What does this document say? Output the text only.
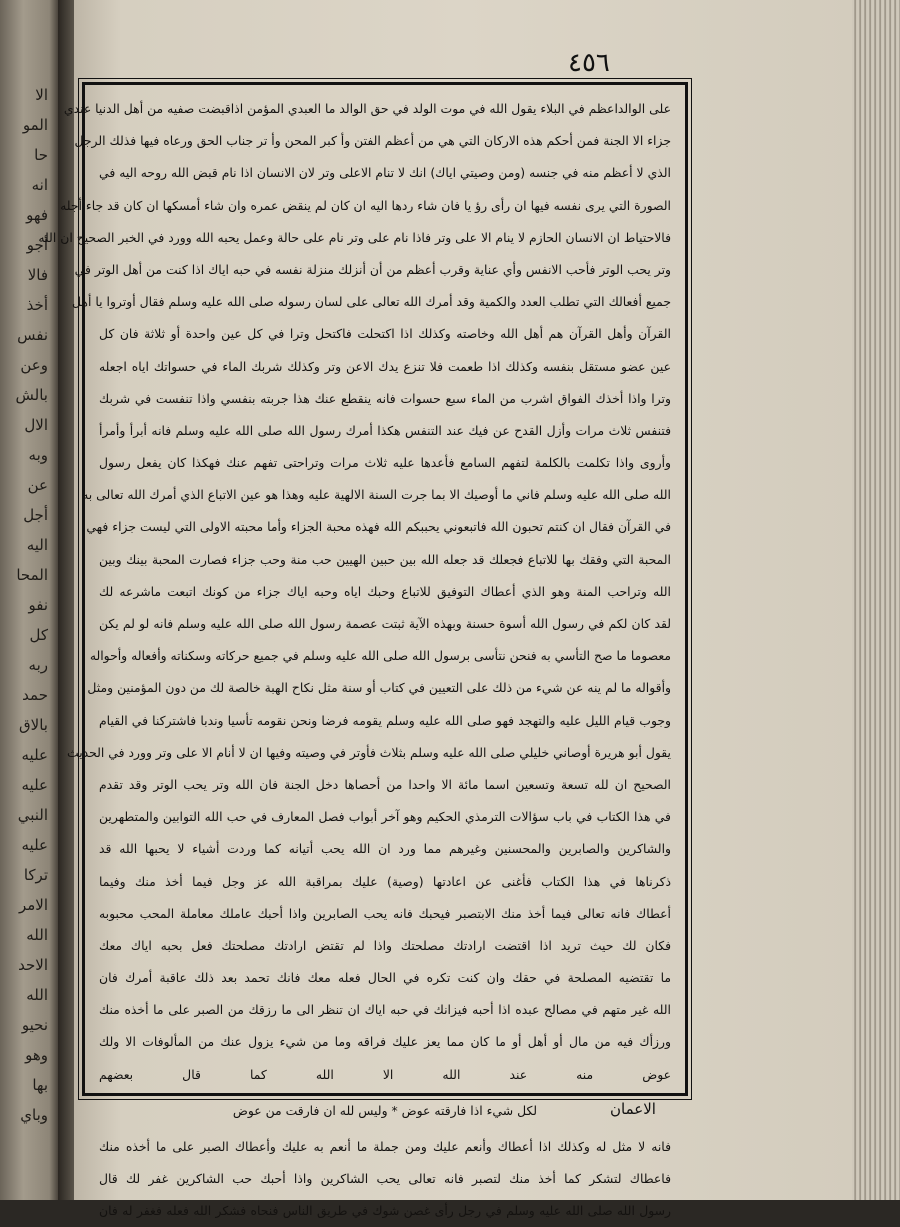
الا
المو
حا
انه
فهو
أجو
فالا
أخذ
نفس
وعن
بالش
الال
وبه
عن
أجل
اليه
المحا
نفو
كل
ربه
حمد
بالاق
عليه
عليه
النبي
عليه
تركا
الامر
الله
الاحد
الله
نحيو
وهو
بها
وباي
٤٥٦
على الوالداعظم في البلاء يقول الله في موت الولد في حق الوالد ما العبدي المؤمن اذاقبضت صفيه من أهل الدنيا عندي
جزاء الا الجنة فمن أحكم هذه الاركان التي هي من أعظم الفتن وأ كبر المحن وأ تر جناب الحق ورعاه فيها فذلك الرجل
الذي لا أعظم منه في جنسه (ومن وصيتي اياك) انك لا تنام الاعلى وتر لان الانسان اذا نام قبض الله روحه اليه في
الصورة التي يرى نفسه فيها ان رأى رؤ يا فان شاء ردها اليه ان كان لم ينقض عمره وان شاء أمسكها ان كان قد جاء أجله
فالاحتياط ان الانسان الحازم لا ينام الا على وتر فاذا نام على وتر نام على حالة وعمل يحبه الله وورد في الخبر الصحيح ان الله
وتر يحب الوتر فأحب الانفس وأي عناية وقرب أعظم من أن أنزلك منزلة نفسه في حبه اياك اذا كنت من أهل الوتر في
جميع أفعالك التي تطلب العدد والكمية وقد أمرك الله تعالى على لسان رسوله صلى الله عليه وسلم فقال أوتروا يا أهل
القرآن وأهل القرآن هم أهل الله وخاصته وكذلك اذا اكتحلت فاكتحل وترا في كل عين واحدة أو ثلاثة فان كل
عين عضو مستقل بنفسه وكذلك اذا طعمت فلا تنزع يدك الاعن وتر وكذلك شربك الماء في حسواتك اياه اجعله
وترا واذا أخذك الفواق اشرب من الماء سبع حسوات فانه ينقطع عنك هذا جربته بنفسي واذا تنفست في شربك
فتنفس ثلاث مرات وأزل القدح عن فيك عند التنفس هكذا أمرك رسول الله صلى الله عليه وسلم فانه أبرأ وأمرأ
وأروى واذا تكلمت بالكلمة لتفهم السامع فأعدها عليه ثلاث مرات وتراحتى تفهم عنك فهكذا كان يفعل رسول
الله صلى الله عليه وسلم فاني ما أوصيك الا بما جرت السنة الالهية عليه وهذا هو عين الاتباع الذي أمرك الله تعالى به
في القرآن فقال ان كنتم تحبون الله فاتبعوني يحببكم الله فهذه محبة الجزاء وأما محبته الاولى التي ليست جزاء فهي
المحبة التي وفقك بها للاتباع فجعلك قد جعله الله بين حبين الهيين حب منة وحب جزاء فصارت المحبة بينك وبين
الله وتراحب المنة وهو الذي أعطاك التوفيق للاتباع وحبك اياه وحبه اياك جزاء من كونك اتبعت ماشرعه لك
لقد كان لكم في رسول الله أسوة حسنة وبهذه الآية ثبتت عصمة رسول الله صلى الله عليه وسلم فانه لو لم يكن
معصوما ما صح التأسي به فنحن نتأسى برسول الله صلى الله عليه وسلم في جميع حركاته وسكناته وأفعاله وأحواله
وأقواله ما لم ينه عن شيء من ذلك على التعيين في كتاب أو سنة مثل نكاح الهبة خالصة لك من دون المؤمنين ومثل
وجوب قيام الليل عليه والتهجد فهو صلى الله عليه وسلم يقومه فرضا ونحن نقومه تأسيا وندبا فاشتركنا في القيام
يقول أبو هريرة أوصاني خليلي صلى الله عليه وسلم بثلاث فأوتر في وصيته وفيها ان لا أنام الا على وتر وورد في الحديث
الصحيح ان لله تسعة وتسعين اسما مائة الا واحدا من أحصاها دخل الجنة فان الله وتر يحب الوتر وقد تقدم
في هذا الكتاب في باب سؤالات الترمذي الحكيم وهو آخر أبواب فصل المعارف في حب الله التوابين والمتطهرين
والشاكرين والصابرين والمحسنين وغيرهم مما ورد ان الله يحب أتيانه كما وردت أشياء لا يحبها الله قد
ذكرناها في هذا الكتاب فأغنى عن اعادتها (وصية) عليك بمراقبة الله عز وجل فيما أخذ منك وفيما
أعطاك فانه تعالى فيما أخذ منك الابتصبر فيحبك فانه يحب الصابرين واذا أحبك عاملك معاملة المحب محبوبه
فكان لك حيث تريد اذا اقتضت ارادتك مصلحتك واذا لم تقتض ارادتك مصلحتك فعل بحبه اياك معك
ما تقتضيه المصلحة في حقك وان كنت تكره في الحال فعله معك فانك تحمد بعد ذلك عاقبة أمرك فان
الله غير متهم في مصالح عبده اذا أحبه فيزانك في حبه اياك ان تنظر الى ما رزقك من الصبر على ما أخذه منك
ورزأك فيه من مال أو أهل أو ما كان مما يعز عليك فراقه وما من شيء يزول عنك من المألوفات الا ولك
عوض منه عند الله الا الله كما قال بعضهم
لكل شيء اذا فارقته عوض * وليس لله ان فارقت من عوض
فانه لا مثل له وكذلك اذا أعطاك وأنعم عليك ومن جملة ما أنعم به عليك وأعطاك الصبر على ما أخذه منك
فاعطاك لتشكر كما أخذ منك لتصبر فانه تعالى يحب الشاكرين واذا أحبك حب الشاكرين غفر لك قال
رسول الله صلى الله عليه وسلم في رجل رأى غصن شوك في طريق الناس فنحاه فشكر الله فعله فغفر له فان
الاعمان
